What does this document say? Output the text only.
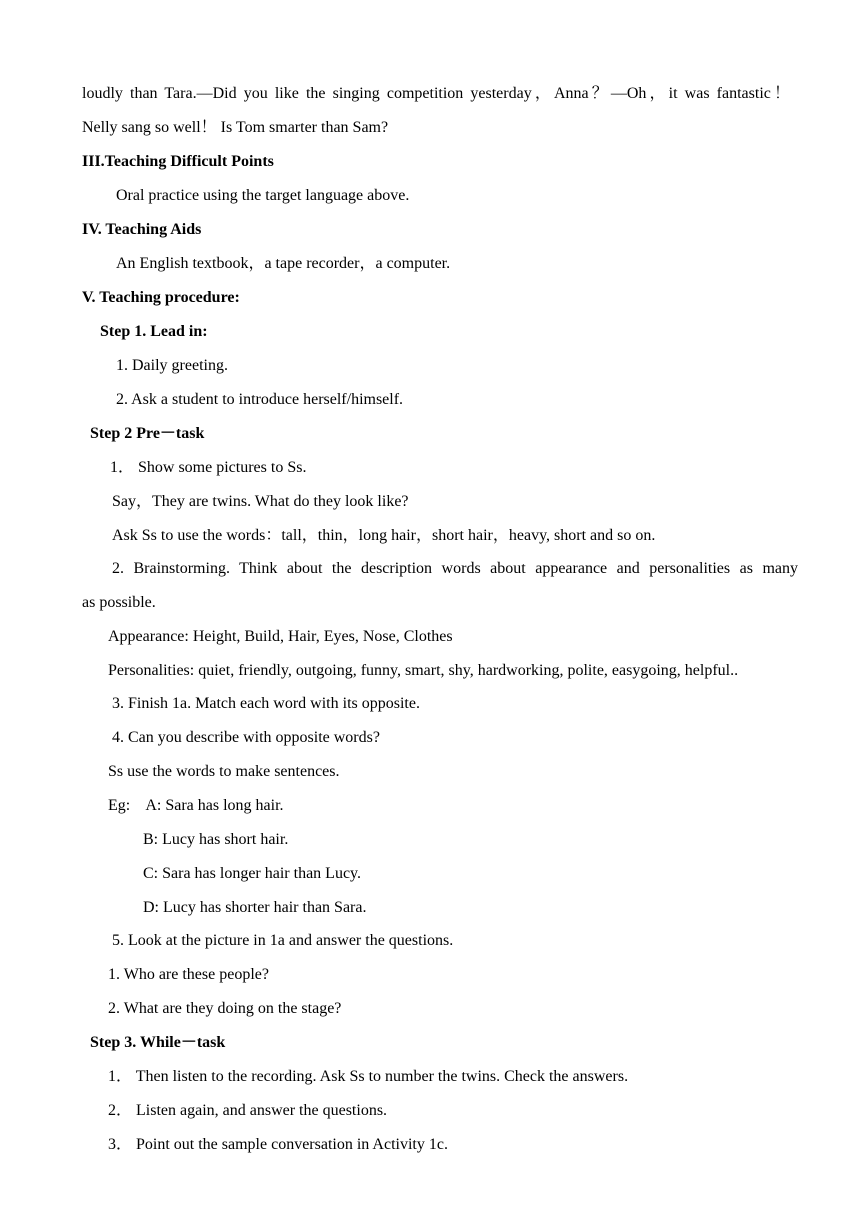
loudly than Tara.—Did you like the singing competition yesterday，Anna？—Oh，it was fantastic！
Nelly sang so well！ Is Tom smarter than Sam?
III.Teaching Difficult Points
Oral practice using the target language above.
IV. Teaching Aids
An English textbook，a tape recorder，a computer.
V. Teaching procedure:
Step 1. Lead in:
1. Daily greeting.
2. Ask a student to introduce herself/himself.
Step 2 Pre－task
1． Show some pictures to Ss.
Say，They are twins. What do they look like?
Ask Ss to use the words：tall，thin，long hair，short hair，heavy, short and so on.
2. Brainstorming. Think about the description words about appearance and personalities as many
as possible.
Appearance: Height, Build, Hair, Eyes, Nose, Clothes
Personalities: quiet, friendly, outgoing, funny, smart, shy, hardworking, polite, easygoing, helpful..
3. Finish 1a. Match each word with its opposite.
4. Can you describe with opposite words?
Ss use the words to make sentences.
Eg:    A: Sara has long hair.
B: Lucy has short hair.
C: Sara has longer hair than Lucy.
D: Lucy has shorter hair than Sara.
5. Look at the picture in 1a and answer the questions.
1. Who are these people?
2. What are they doing on the stage?
Step 3. While－task
1． Then listen to the recording. Ask Ss to number the twins. Check the answers.
2． Listen again, and answer the questions.
3． Point out the sample conversation in Activity 1c.
